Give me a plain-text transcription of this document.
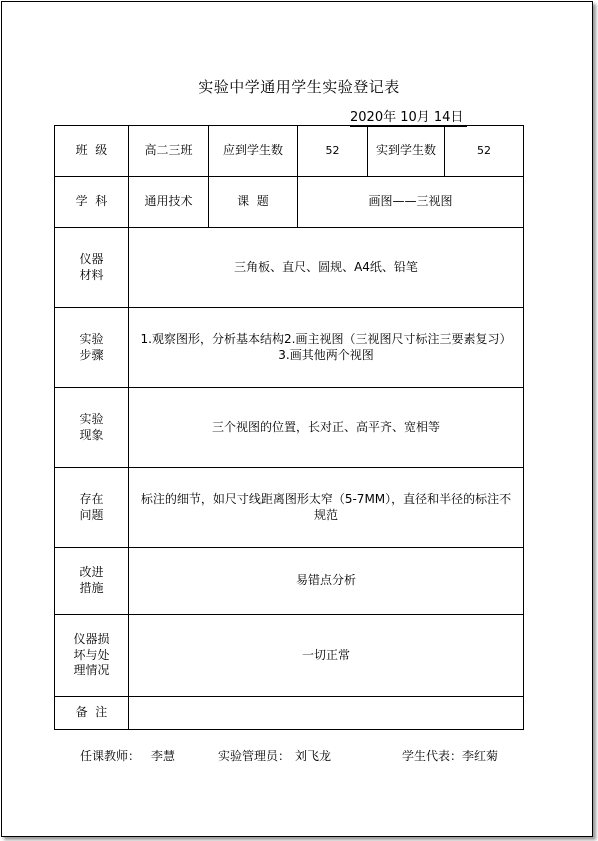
实验中学通用学生实验登记表
2020年 10月 14日
班  级	高二三班	应到学生数	52	实到学生数	52
学  科	通用技术	课  题	画图——三视图		
仪器
材料	三角板、直尺、圆规、A4纸、铅笔				
实验
步骤	1.观察图形，分析基本结构2.画主视图（三视图尺寸标注三要素复习）3.画其他两个视图				
实验
现象	三个视图的位置，长对正、高平齐、宽相等				
存在
问题	标注的细节，如尺寸线距离图形太窄（5-7MM），直径和半径的标注不规范				
改进
措施	易错点分析				
仪器损
坏与处
理情况	一切正常				
备  注					
任课教师： 李慧	实验管理员： 刘飞龙	学生代表： 李红菊
